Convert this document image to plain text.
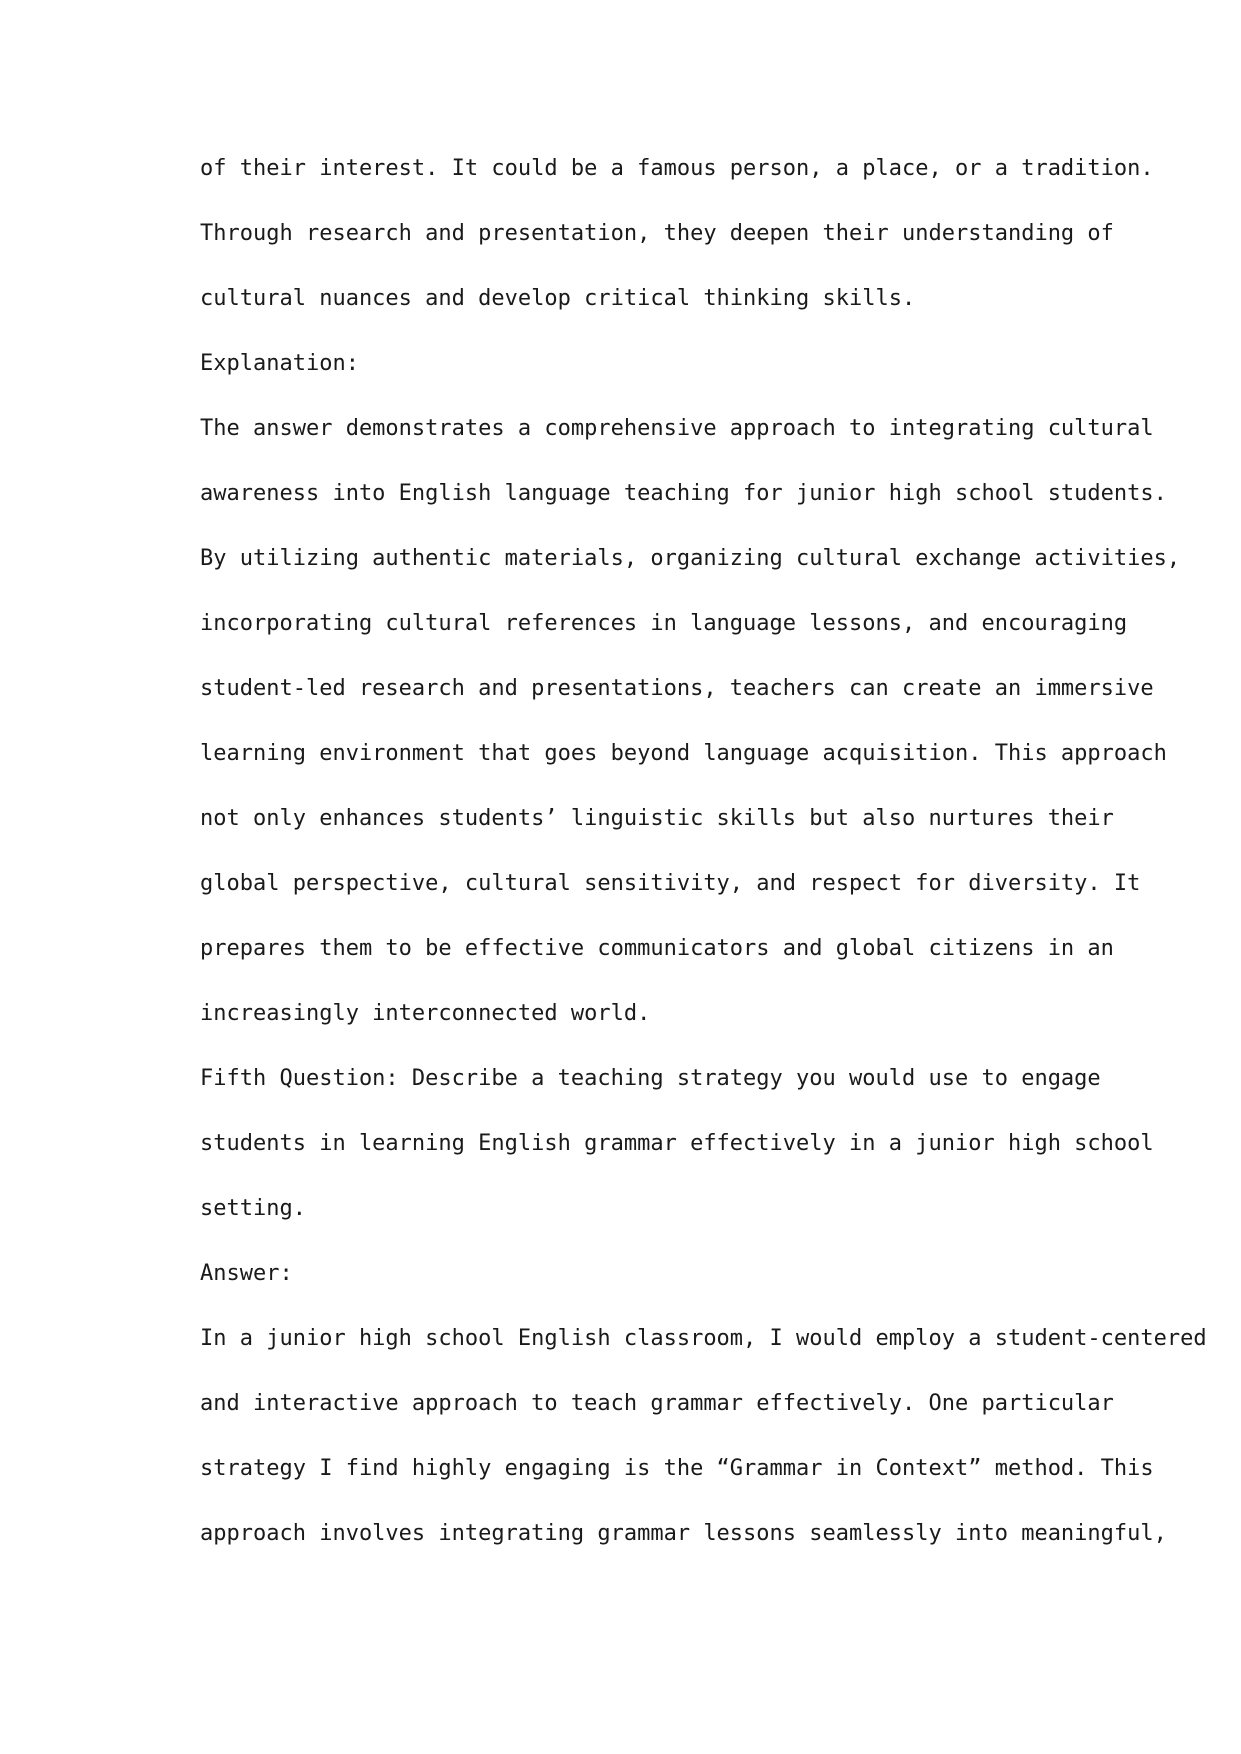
of their interest. It could be a famous person, a place, or a tradition.
Through research and presentation, they deepen their understanding of
cultural nuances and develop critical thinking skills.
Explanation:
The answer demonstrates a comprehensive approach to integrating cultural
awareness into English language teaching for junior high school students.
By utilizing authentic materials, organizing cultural exchange activities,
incorporating cultural references in language lessons, and encouraging
student-led research and presentations, teachers can create an immersive
learning environment that goes beyond language acquisition. This approach
not only enhances students’ linguistic skills but also nurtures their
global perspective, cultural sensitivity, and respect for diversity. It
prepares them to be effective communicators and global citizens in an
increasingly interconnected world.
Fifth Question: Describe a teaching strategy you would use to engage
students in learning English grammar effectively in a junior high school
setting.
Answer:
In a junior high school English classroom, I would employ a student-centered
and interactive approach to teach grammar effectively. One particular
strategy I find highly engaging is the “Grammar in Context” method. This
approach involves integrating grammar lessons seamlessly into meaningful,
